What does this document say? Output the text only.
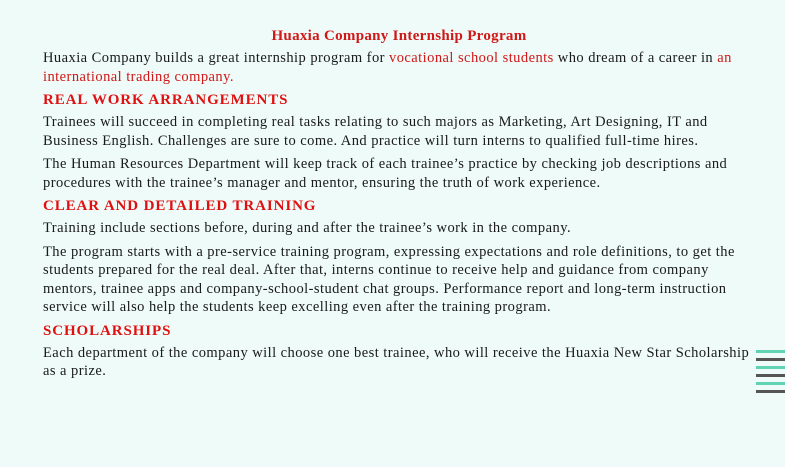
Huaxia Company Internship Program

Huaxia Company builds a great internship program for vocational school students who dream of a career in an international trading company.

REAL WORK ARRANGEMENTS

Trainees will succeed in completing real tasks relating to such majors as Marketing, Art Designing, IT and Business English. Challenges are sure to come. And practice will turn interns to qualified full-time hires.

The Human Resources Department will keep track of each trainee’s practice by checking job descriptions and procedures with the trainee’s manager and mentor, ensuring the truth of work experience.

CLEAR AND DETAILED TRAINING

Training include sections before, during and after the trainee’s work in the company.

The program starts with a pre-service training program, expressing expectations and role definitions, to get the students prepared for the real deal. After that, interns continue to receive help and guidance from company mentors, trainee apps and company-school-student chat groups. Performance report and long-term instruction service will also help the students keep excelling even after the training program.

SCHOLARSHIPS

Each department of the company will choose one best trainee, who will receive the Huaxia New Star Scholarship as a prize.
